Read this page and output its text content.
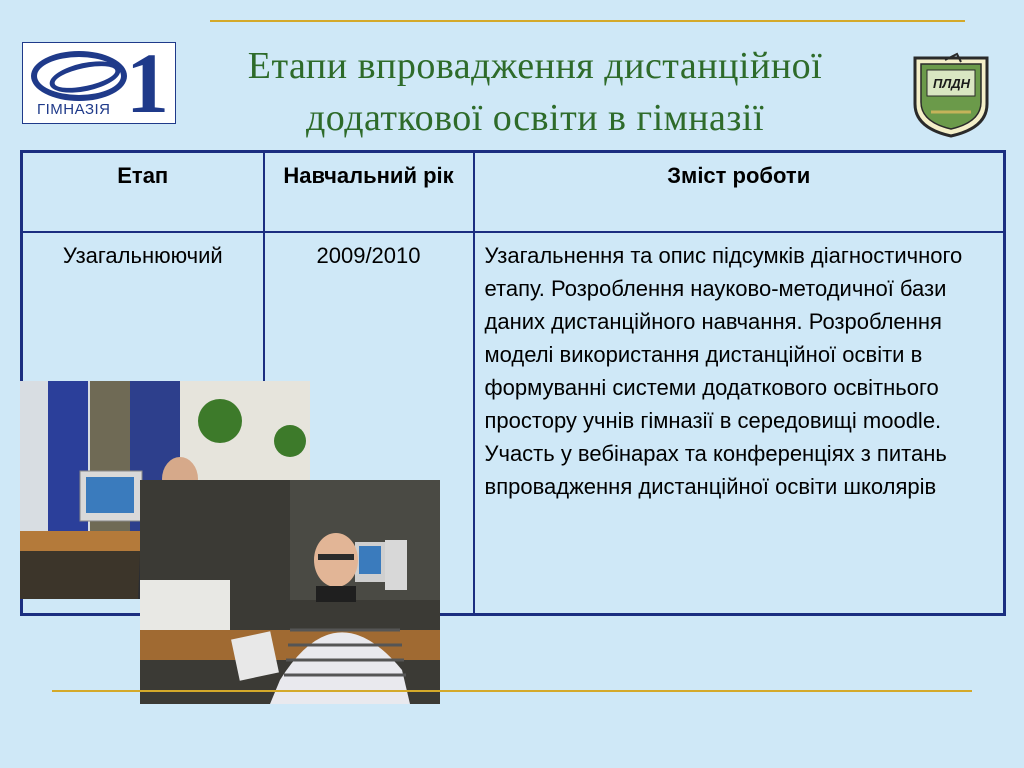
1
ГІМНАЗІЯ
Етапи впровадження дистанційної додаткової освіти в гімназії
ПЛДН
Етап	Навчальний рік	Зміст роботи
Узагальнюючий	2009/2010	Узагальнення та опис підсумків діагностичного етапу. Розроблення науково-методичної бази даних дистанційного навчання. Розроблення моделі використання дистанційної освіти в формуванні системи додаткового освітнього простору учнів гімназії в середовищі moodle. Участь у вебінарах та конференціях з питань впровадження дистанційної освіти школярів
